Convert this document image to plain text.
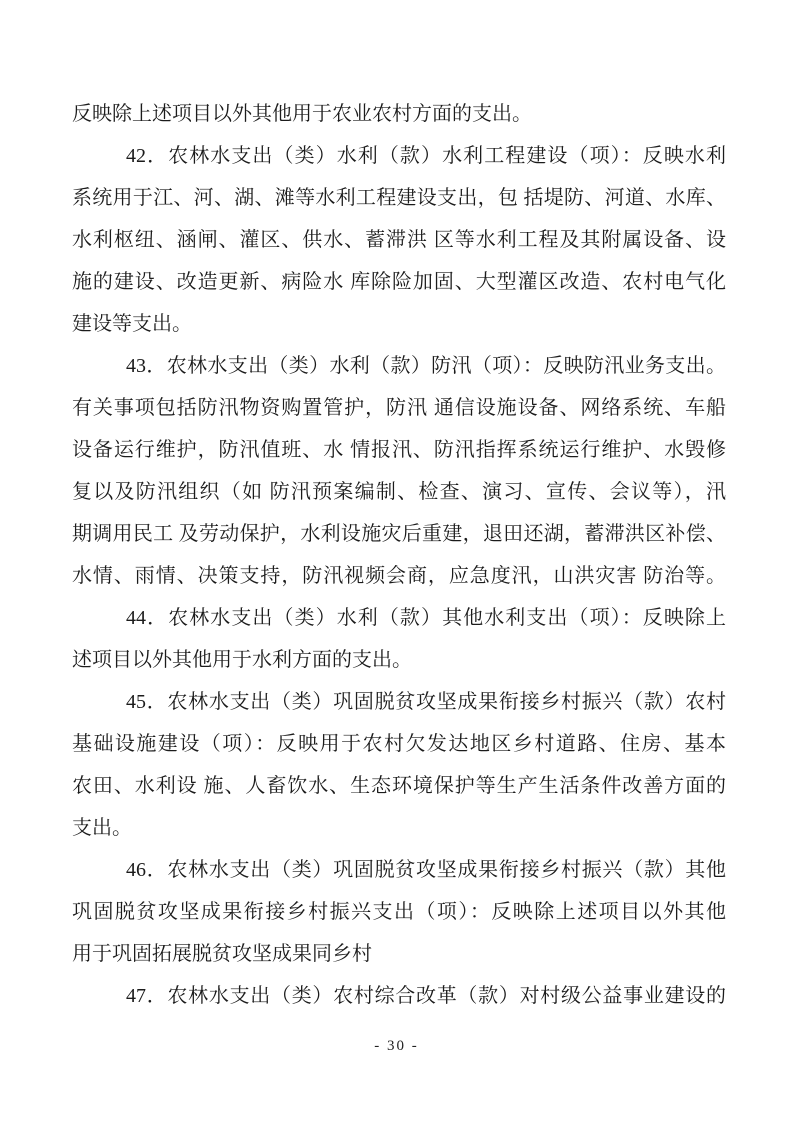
反映除上述项目以外其他用于农业农村方面的支出。
42．农林水支出（类）水利（款）水利工程建设（项）：反映水利
系统用于江、河、湖、滩等水利工程建设支出，包 括堤防、河道、水库、
水利枢纽、涵闸、灌区、供水、蓄滞洪 区等水利工程及其附属设备、设
施的建设、改造更新、病险水 库除险加固、大型灌区改造、农村电气化
建设等支出。
43．农林水支出（类）水利（款）防汛（项）：反映防汛业务支出。
有关事项包括防汛物资购置管护，防汛 通信设施设备、网络系统、车船
设备运行维护，防汛值班、水 情报汛、防汛指挥系统运行维护、水毁修
复以及防汛组织（如 防汛预案编制、检查、演习、宣传、会议等），汛
期调用民工 及劳动保护，水利设施灾后重建，退田还湖，蓄滞洪区补偿、
水情、雨情、决策支持，防汛视频会商，应急度汛，山洪灾害 防治等。
44．农林水支出（类）水利（款）其他水利支出（项）：反映除上
述项目以外其他用于水利方面的支出。
45．农林水支出（类）巩固脱贫攻坚成果衔接乡村振兴（款）农村
基础设施建设（项）：反映用于农村欠发达地区乡村道路、住房、基本
农田、水利设 施、人畜饮水、生态环境保护等生产生活条件改善方面的
支出。
46．农林水支出（类）巩固脱贫攻坚成果衔接乡村振兴（款）其他
巩固脱贫攻坚成果衔接乡村振兴支出（项）：反映除上述项目以外其他
用于巩固拓展脱贫攻坚成果同乡村
47．农林水支出（类）农村综合改革（款）对村级公益事业建设的
- 30 -
